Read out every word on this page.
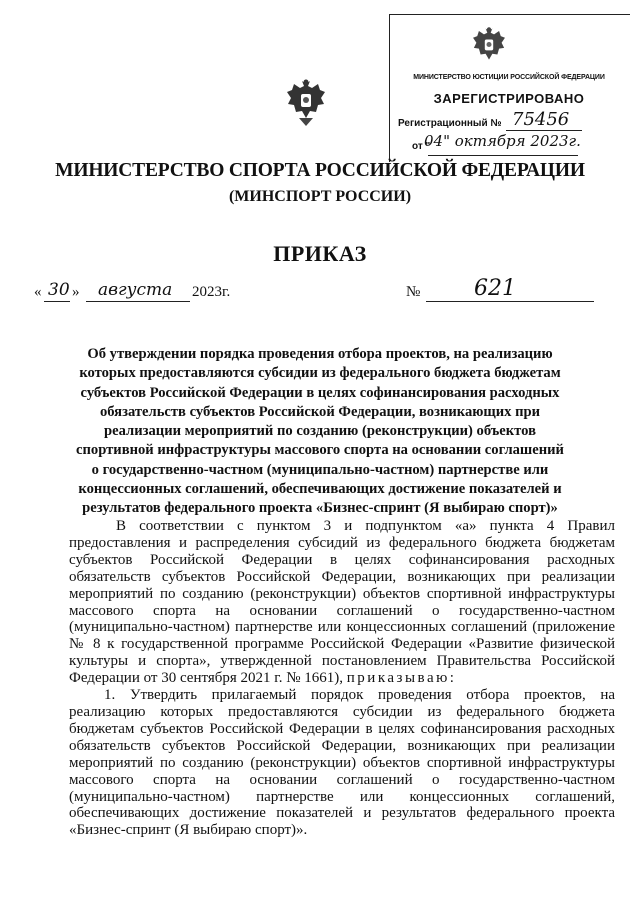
МИНИСТЕРСТВО ЮСТИЦИИ РОССИЙСКОЙ ФЕДЕРАЦИИ
ЗАРЕГИСТРИРОВАНО
Регистрационный № 75456
от "
04" октября 2023г.
МИНИСТЕРСТВО СПОРТА РОССИЙСКОЙ ФЕДЕРАЦИИ
(МИНСПОРТ РОССИИ)
ПРИКАЗ
« 30 » августа 2023г.	№ 621
Об утверждении порядка проведения отбора проектов, на реализацию которых предоставляются субсидии из федерального бюджета бюджетам субъектов Российской Федерации в целях софинансирования расходных обязательств субъектов Российской Федерации, возникающих при реализации мероприятий по созданию (реконструкции) объектов спортивной инфраструктуры массового спорта на основании соглашений о государственно-частном (муниципально-частном) партнерстве или концессионных соглашений, обеспечивающих достижение показателей и результатов федерального проекта «Бизнес-спринт (Я выбираю спорт)»

В соответствии с пунктом 3 и подпунктом «а» пункта 4 Правил предоставления и распределения субсидий из федерального бюджета бюджетам субъектов Российской Федерации в целях софинансирования расходных обязательств субъектов Российской Федерации, возникающих при реализации мероприятий по созданию (реконструкции) объектов спортивной инфраструктуры массового спорта на основании соглашений о государственно-частном (муниципально-частном) партнерстве или концессионных соглашений (приложение № 8 к государственной программе Российской Федерации «Развитие физической культуры и спорта», утвержденной постановлением Правительства Российской Федерации от 30 сентября 2021 г. № 1661), приказываю:

1. Утвердить прилагаемый порядок проведения отбора проектов, на реализацию которых предоставляются субсидии из федерального бюджета бюджетам субъектов Российской Федерации в целях софинансирования расходных обязательств субъектов Российской Федерации, возникающих при реализации мероприятий по созданию (реконструкции) объектов спортивной инфраструктуры массового спорта на основании соглашений о государственно-частном (муниципально-частном) партнерстве или концессионных соглашений, обеспечивающих достижение показателей и результатов федерального проекта «Бизнес-спринт (Я выбираю спорт)».
